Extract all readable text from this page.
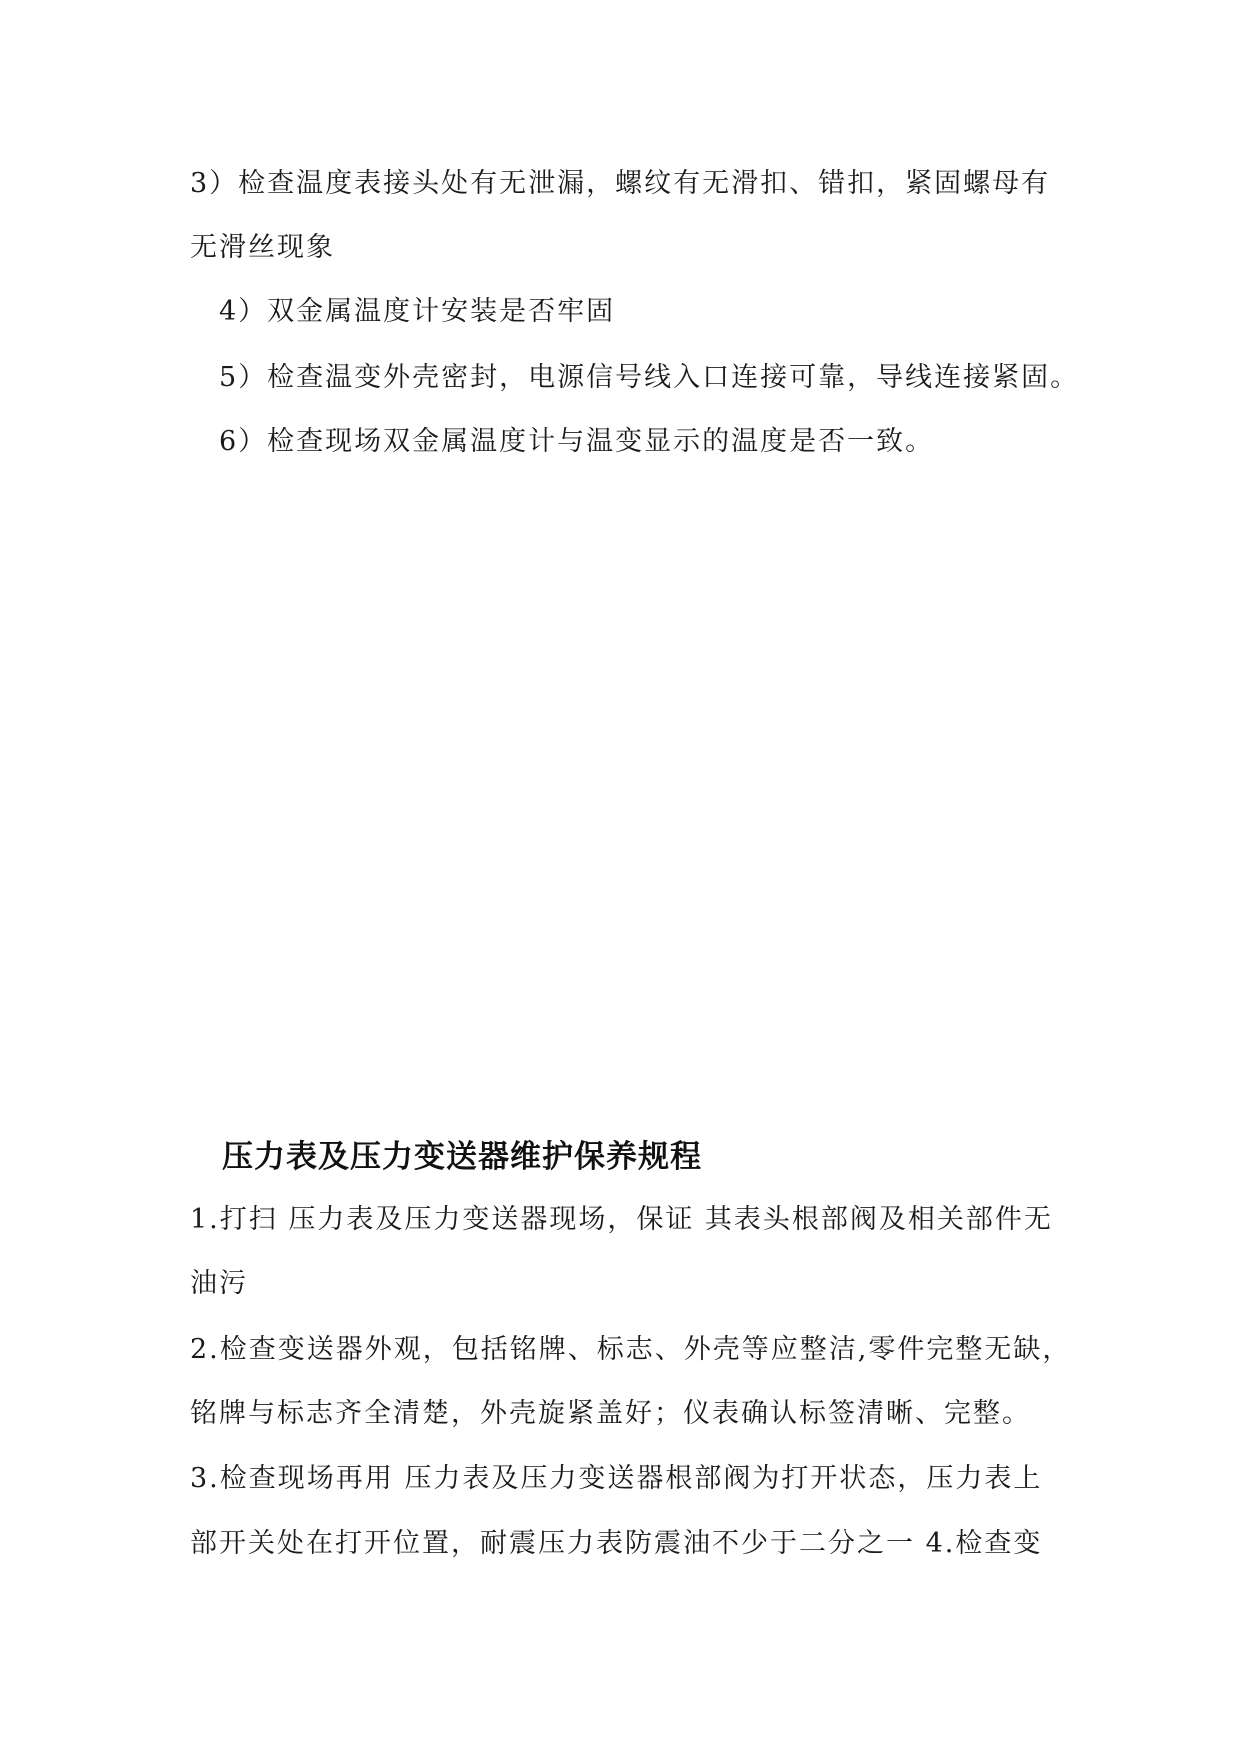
3）检查温度表接头处有无泄漏，螺纹有无滑扣、错扣，紧固螺母有
无滑丝现象
4）双金属温度计安装是否牢固
5）检查温变外壳密封，电源信号线入口连接可靠，导线连接紧固。
6）检查现场双金属温度计与温变显示的温度是否一致。
压力表及压力变送器维护保养规程
1.打扫 压力表及压力变送器现场，保证 其表头根部阀及相关部件无
油污
2.检查变送器外观，包括铭牌、标志、外壳等应整洁,零件完整无缺，
铭牌与标志齐全清楚，外壳旋紧盖好；仪表确认标签清晰、完整。
3.检查现场再用 压力表及压力变送器根部阀为打开状态，压力表上
部开关处在打开位置，耐震压力表防震油不少于二分之一 4.检查变
